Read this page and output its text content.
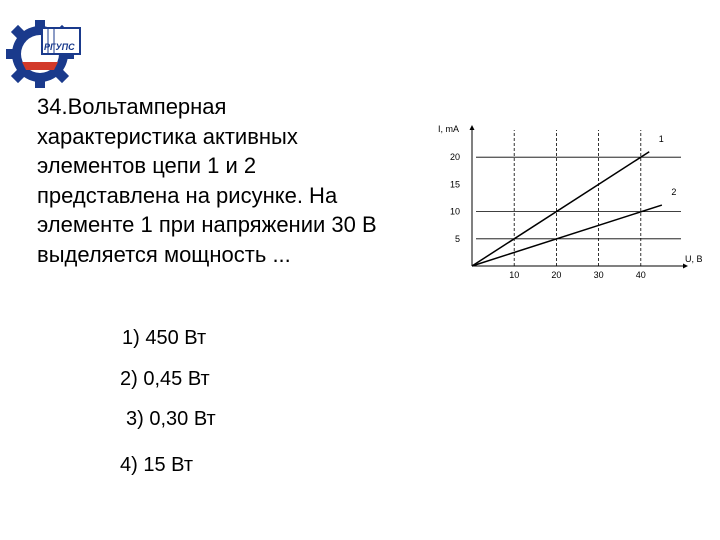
РГУПС

34.Вольтамперная
характеристика активных
элементов цепи 1 и 2
представлена на рисунке. На
элементе 1 при напряжении 30 В
выделяется мощность ...

10	20	30	40
5
10
15
20
I, mA
U, B
1
2
1) 450 Вт
2) 0,45 Вт
3) 0,30 Вт
4) 15 Вт
